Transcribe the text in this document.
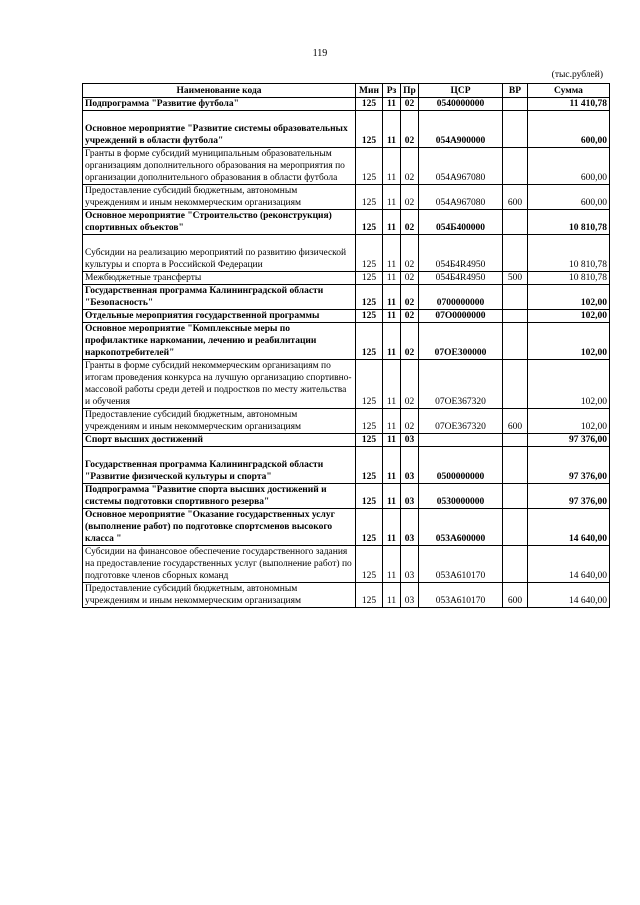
119
(тыс.рублей)
Наименование кода	Мин	Рз	Пр	ЦСР	ВР	Сумма
Подпрограмма "Развитие футбола"	125	11	02	0540000000		11 410,78

Основное мероприятие "Развитие системы образовательных учреждений в области футбола"	125	11	02	054А900000		600,00
Гранты в форме субсидий муниципальным образовательным организациям дополнительного образования на мероприятия по организации дополнительного образования в области футбола	125	11	02	054А967080		600,00
Предоставление субсидий бюджетным, автономным учреждениям и иным некоммерческим организациям	125	11	02	054А967080	600	600,00
Основное мероприятие "Строительство (реконструкция) спортивных объектов"	125	11	02	054Б400000		10 810,78

Субсидии на реализацию мероприятий по развитию физической культуры и спорта в Российской Федерации	125	11	02	054Б4R4950		10 810,78
Межбюджетные трансферты	125	11	02	054Б4R4950	500	10 810,78
Государственная программа Калининградской области "Безопасность"	125	11	02	0700000000		102,00
Отдельные мероприятия государственной программы	125	11	02	07О0000000		102,00
Основное мероприятие "Комплексные меры по профилактике наркомании, лечению и реабилитации наркопотребителей"	125	11	02	07ОЕ300000		102,00
Гранты в форме субсидий некоммерческим организациям по итогам проведения конкурса на лучшую организацию спортивно-массовой работы среди детей и подростков по месту жительства и обучения	125	11	02	07ОЕ367320		102,00
Предоставление субсидий бюджетным, автономным учреждениям и иным некоммерческим организациям	125	11	02	07ОЕ367320	600	102,00
Спорт высших достижений	125	11	03			97 376,00

Государственная программа Калининградской области "Развитие физической культуры и спорта"	125	11	03	0500000000		97 376,00
Подпрограмма "Развитие спорта высших достижений и системы подготовки спортивного резерва"	125	11	03	0530000000		97 376,00
Основное мероприятие "Оказание государственных услуг (выполнение работ) по подготовке спортсменов высокого класса "	125	11	03	053А600000		14 640,00
Субсидии на финансовое обеспечение государственного задания на предоставление государственных услуг (выполнение работ) по подготовке членов сборных команд	125	11	03	053А610170		14 640,00
Предоставление субсидий бюджетным, автономным учреждениям и иным некоммерческим организациям	125	11	03	053А610170	600	14 640,00
